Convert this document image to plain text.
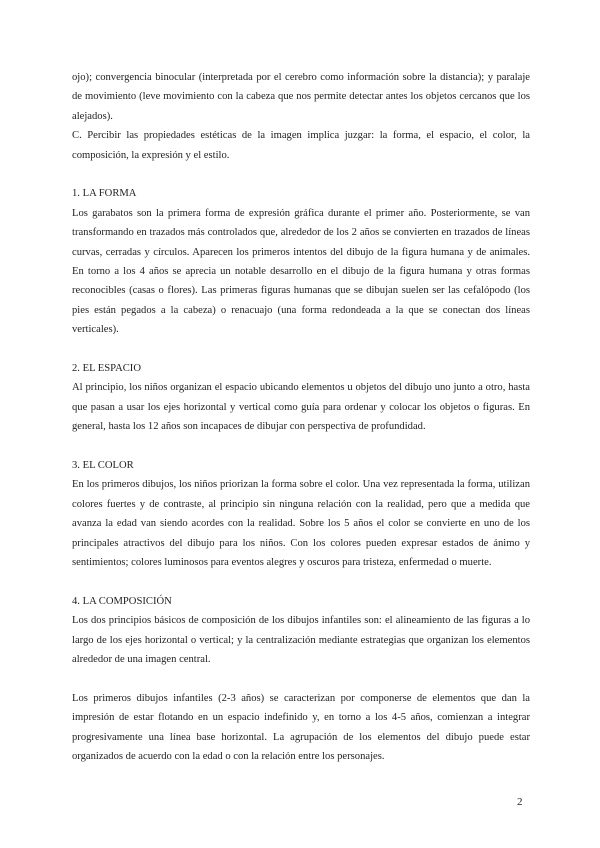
ojo); convergencia binocular (interpretada por el cerebro como información sobre la distancia); y paralaje de movimiento (leve movimiento con la cabeza que nos permite detectar antes los objetos cercanos que los alejados).

C. Percibir las propiedades estéticas de la imagen implica juzgar: la forma, el espacio, el color, la composición, la expresión y el estilo.

1. LA FORMA

Los garabatos son la primera forma de expresión gráfica durante el primer año. Posteriormente, se van transformando en trazados más controlados que, alrededor de los 2 años se convierten en trazados de líneas curvas, cerradas y círculos. Aparecen los primeros intentos del dibujo de la figura humana y de animales. En torno a los 4 años se aprecia un notable desarrollo en el dibujo de la figura humana y otras formas reconocibles (casas o flores). Las primeras figuras humanas que se dibujan suelen ser las cefalópodo (los pies están pegados a la cabeza) o renacuajo (una forma redondeada a la que se conectan dos líneas verticales).

2. EL ESPACIO

Al principio, los niños organizan el espacio ubicando elementos u objetos del dibujo uno junto a otro, hasta que pasan a usar los ejes horizontal y vertical como guía para ordenar y colocar los objetos o figuras. En general, hasta los 12 años son incapaces de dibujar con perspectiva de profundidad.

3. EL COLOR

En los primeros dibujos, los niños priorizan la forma sobre el color. Una vez representada la forma, utilizan colores fuertes y de contraste, al principio sin ninguna relación con la realidad, pero que a medida que avanza la edad van siendo acordes con la realidad. Sobre los 5 años el color se convierte en uno de los principales atractivos del dibujo para los niños. Con los colores pueden expresar estados de ánimo y sentimientos; colores luminosos para eventos alegres y oscuros para tristeza, enfermedad o muerte.

4. LA COMPOSICIÓN

Los dos principios básicos de composición de los dibujos infantiles son: el alineamiento de las figuras a lo largo de los ejes horizontal o vertical; y la centralización mediante estrategias que organizan los elementos alrededor de una imagen central.

Los primeros dibujos infantiles (2-3 años) se caracterizan por componerse de elementos que dan la impresión de estar flotando en un espacio indefinido y, en torno a los 4-5 años, comienzan a integrar progresivamente una línea base horizontal. La agrupación de los elementos del dibujo puede estar organizados de acuerdo con la edad o con la relación entre los personajes.

2
